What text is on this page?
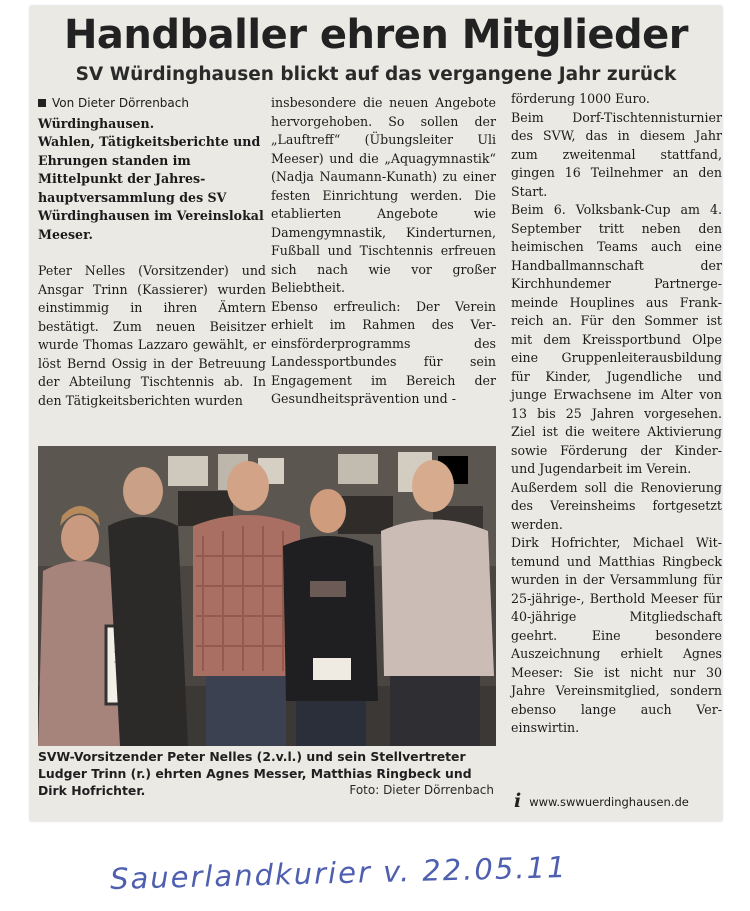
Handballer ehren Mitglieder
SV Würdinghausen blickt auf das vergangene Jahr zurück
Von Dieter Dörrenbach

Würdinghausen.
Wahlen, Tätigkeitsberichte und Ehrungen standen im Mittelpunkt der Jahreshauptversammlung des SV Würdinghausen im Vereinslokal Meeser.

Peter Nelles (Vorsitzender) und Ansgar Trinn (Kassierer) wurden einstimmig in ihren Ämtern bestätigt. Zum neuen Beisitzer wurde Thomas Lazzaro gewählt, er löst Bernd Ossig in der Betreuung der Abteilung Tischtennis ab. In den Tätigkeitsberichten wurden

insbesondere die neuen Angebote hervorgehoben. So sollen der „Lauftreff“ (Übungsleiter Uli Meeser) und die „Aquagymnastik“ (Nadja Naumann-Kunath) zu einer festen Einrichtung werden. Die etablierten Angebote wie Damengymnastik, Kinderturnen, Fußball und Tischtennis erfreuen sich nach wie vor großer Beliebtheit.

Ebenso erfreulich: Der Verein erhielt im Rahmen des Vereinsförderprogramms des Landessportbundes für sein Engagement im Bereich der Gesundheitsprävention und -

förderung 1000 Euro.

Beim Dorf-Tischtennisturnier des SVW, das in diesem Jahr zum zweitenmal stattfand, gingen 16 Teilnehmer an den Start.

Beim 6. Volksbank-Cup am 4. September tritt neben den heimischen Teams auch eine Handballmannschaft der Kirchhundemer Partnergemeinde Houplines aus Frankreich an. Für den Sommer ist mit dem Kreissportbund Olpe eine Gruppenleiterausbildung für Kinder, Jugendliche und junge Erwachsene im Alter von 13 bis 25 Jahren vorgesehen. Ziel ist die weitere Aktivierung sowie Förderung der Kinder- und Jugendarbeit im Verein.

Außerdem soll die Renovierung des Vereinsheims fortgesetzt werden.

Dirk Hofrichter, Michael Wittemund und Matthias Ringbeck wurden in der Versammlung für 25-jährige-, Berthold Meeser für 40-jährige Mitgliedschaft geehrt. Eine besondere Auszeichnung erhielt Agnes Meeser: Sie ist nicht nur 30 Jahre Vereinsmitglied, sondern ebenso lange auch Vereinswirtin.

SVW-Vorsitzender Peter Nelles (2.v.l.) und sein Stellvertreter Ludger Trinn (r.) ehrten Agnes Messer, Matthias Ringbeck und Dirk Hofrichter.	Foto: Dieter Dörrenbach i www.swwuerdinghausen.de
Sauerlandkurier v. 22.05.11
